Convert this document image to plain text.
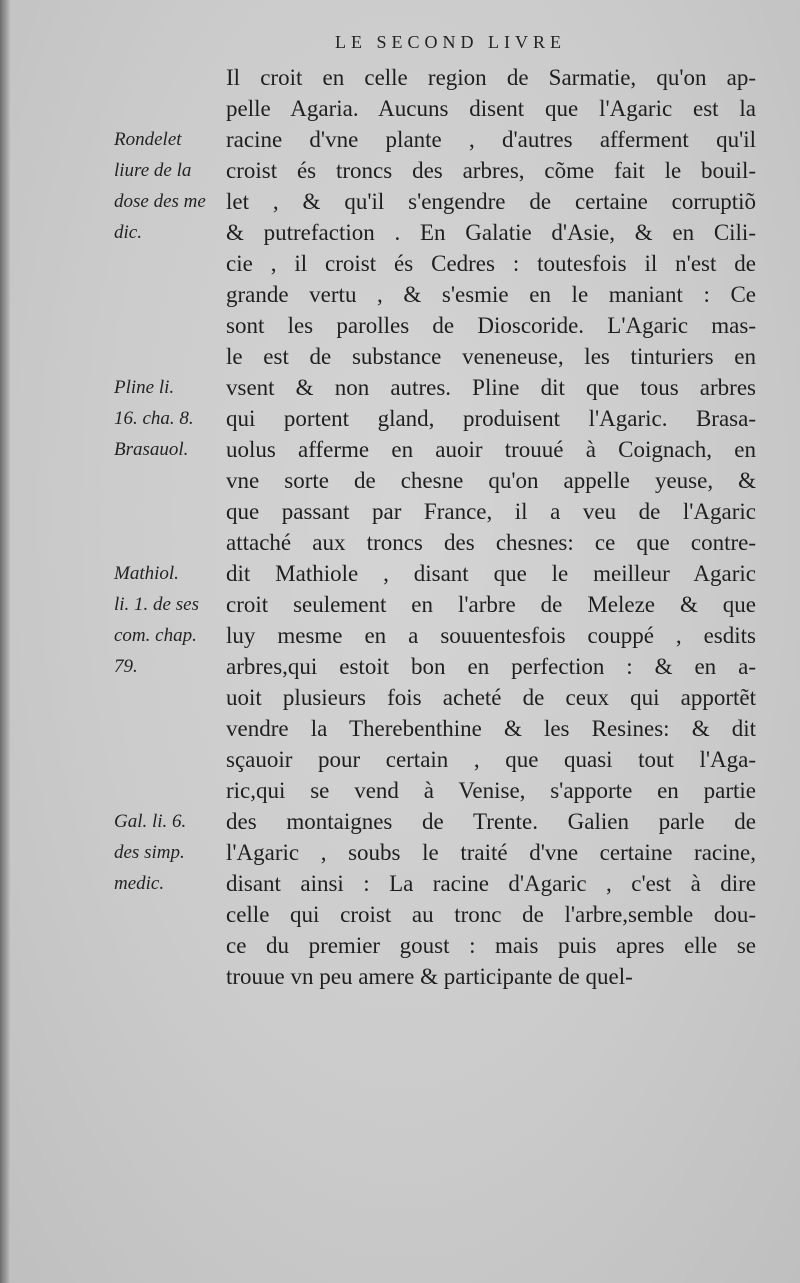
LE SECOND LIVRE
Il croit en celle region de Sarmatie, qu'on ap-
pelle Agaria. Aucuns disent que l'Agaric est la
racine d'vne plante , d'autres afferment qu'il
croist és troncs des arbres, cõme fait le bouil-
let , & qu'il s'engendre de certaine corruptiõ
& putrefaction . En Galatie d'Asie, & en Cili-
cie , il croist és Cedres : toutesfois il n'est de
grande vertu , & s'esmie en le maniant : Ce
sont les parolles de Dioscoride. L'Agaric mas-
le est de substance veneneuse, les tinturiers en
vsent & non autres. Pline dit que tous arbres
qui portent gland, produisent l'Agaric. Brasa-
uolus afferme en auoir trouué à Coignach, en
vne sorte de chesne qu'on appelle yeuse, &
que passant par France, il a veu de l'Agaric
attaché aux troncs des chesnes: ce que contre-
dit Mathiole , disant que le meilleur Agaric
croit seulement en l'arbre de Meleze & que
luy mesme en a souuentesfois couppé , esdits
arbres,qui estoit bon en perfection : & en a-
uoit plusieurs fois acheté de ceux qui apportẽt
vendre la Therebenthine & les Resines: & dit
sçauoir pour certain , que quasi tout l'Aga-
ric,qui se vend à Venise, s'apporte en partie
des montaignes de Trente. Galien parle de
l'Agaric , soubs le traité d'vne certaine racine,
disant ainsi : La racine d'Agaric , c'est à dire
celle qui croist au tronc de l'arbre,semble dou-
ce du premier goust : mais puis apres elle se
trouue vn peu amere & participante de quel-
Rondelet
liure de la
dose des me
dic.
Pline li.
16. cha. 8.
Brasauol.
Mathiol.
li. 1. de ses
com. chap.
79.
Gal. li. 6.
des simp.
medic.
